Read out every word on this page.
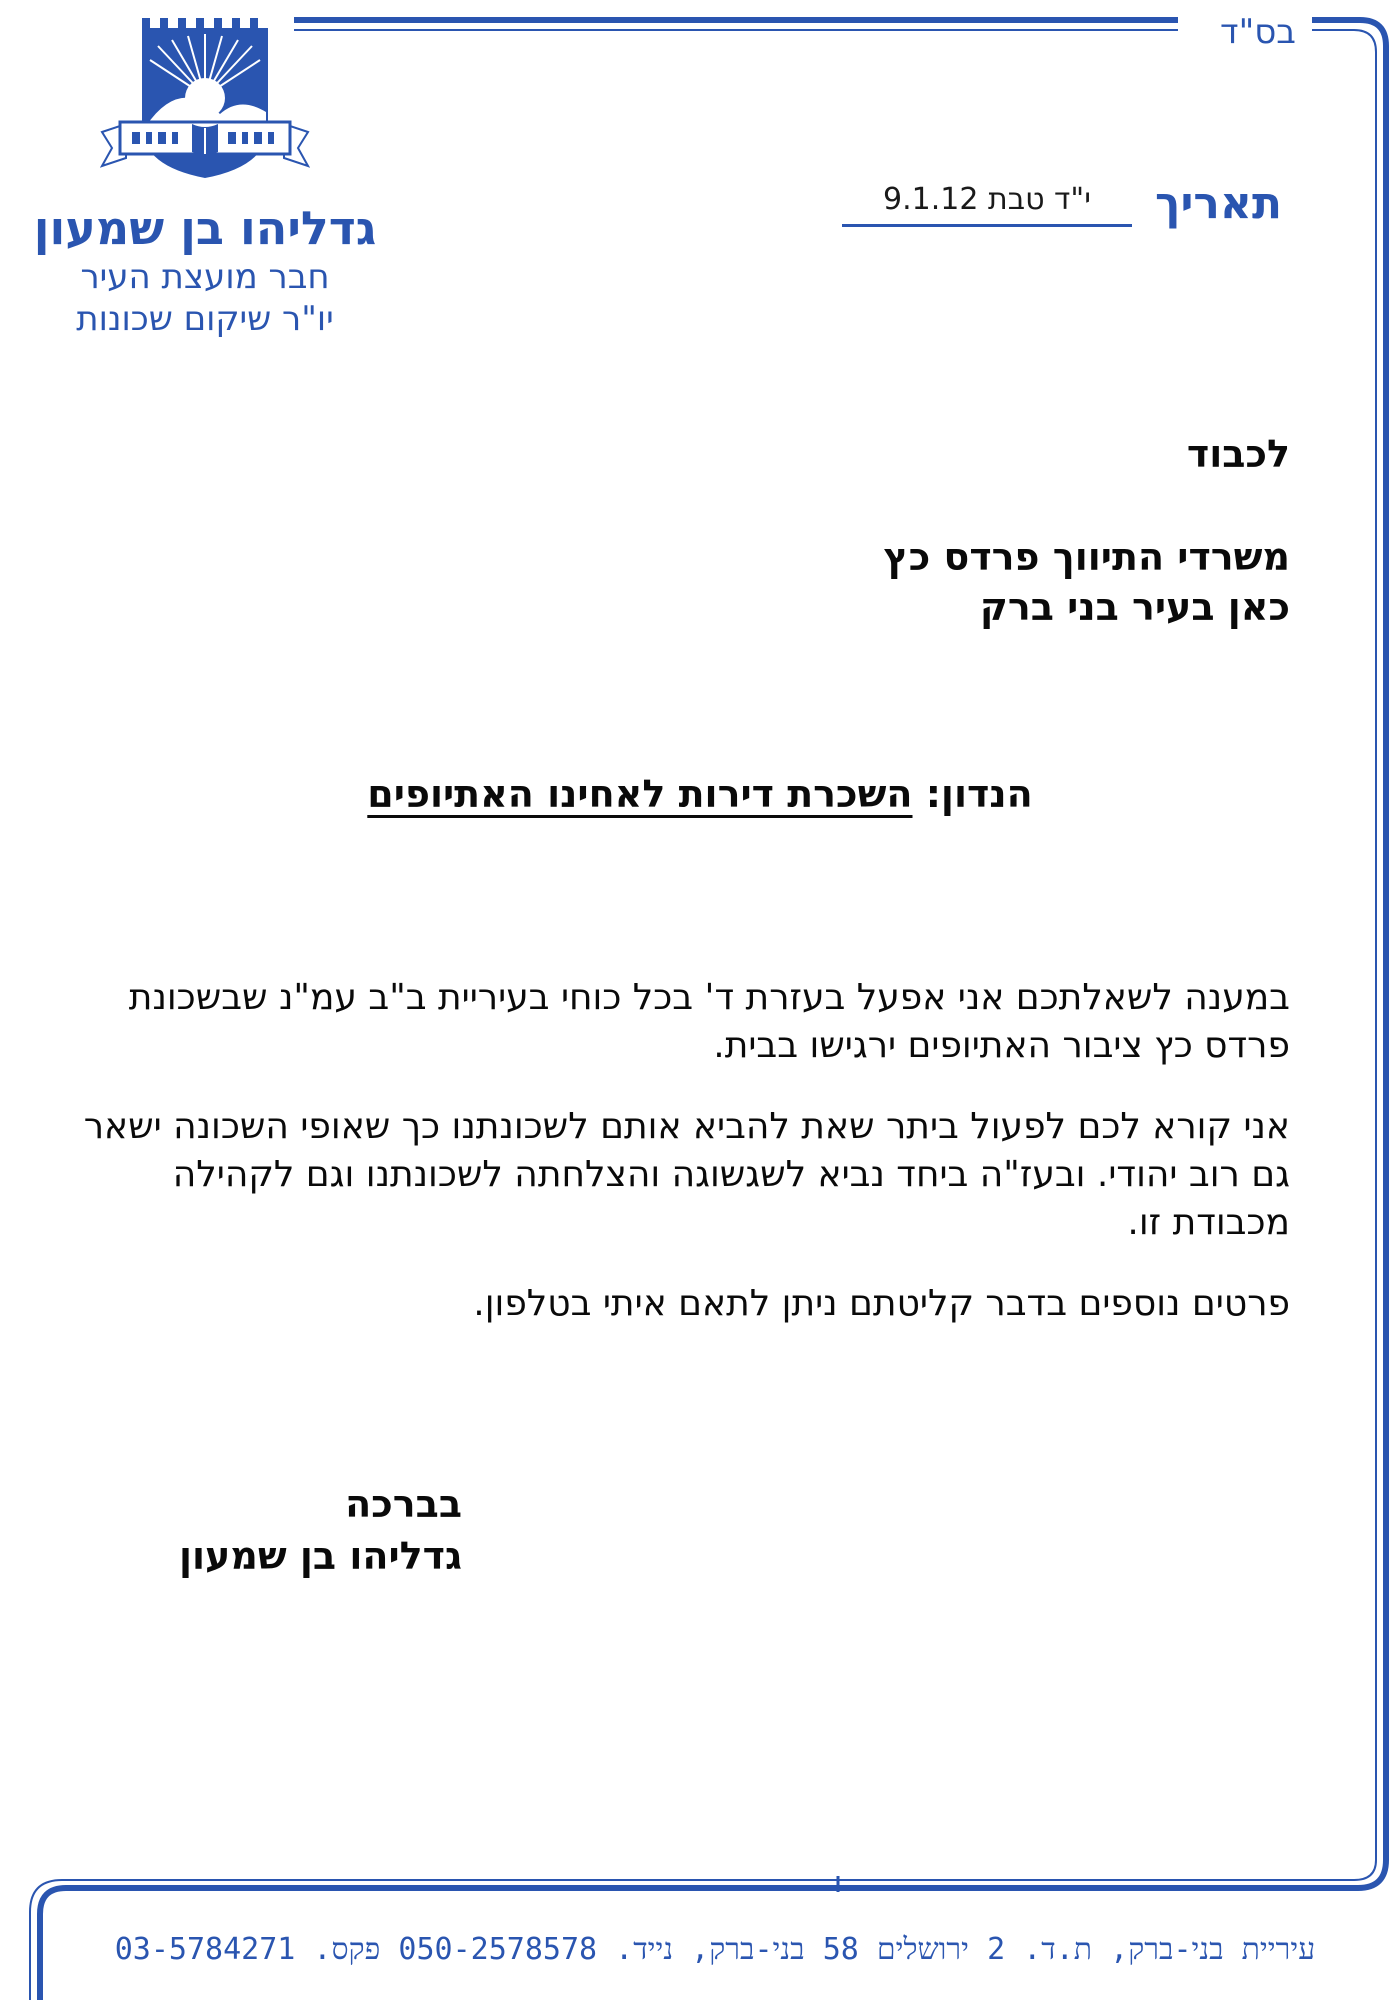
בס"ד
גדליהו בן שמעון
חבר מועצת העיר
יו"ר שיקום שכונות
תאריך
י"ד טבת 9.1.12
לכבוד
משרדי התיווך פרדס כץ
כאן בעיר בני ברק
הנדון: השכרת דירות לאחינו האתיופים

במענה לשאלתכם אני אפעל בעזרת ד' בכל כוחי בעיריית ב"ב עמ"נ שבשכונת פרדס כץ ציבור האתיופים ירגישו בבית.

אני קורא לכם לפעול ביתר שאת להביא אותם לשכונתנו כך שאופי השכונה ישאר גם רוב יהודי. ובעז"ה ביחד נביא לשגשוגה והצלחתה לשכונתנו וגם לקהילה מכבודת זו.

פרטים נוספים בדבר קליטתם ניתן לתאם איתי בטלפון.

בברכה
גדליהו בן שמעון
עיריית בני-ברק, ת.ד. 2 ירושלים 58 בני-ברק, נייד. 050-2578578 פקס. 03-5784271
